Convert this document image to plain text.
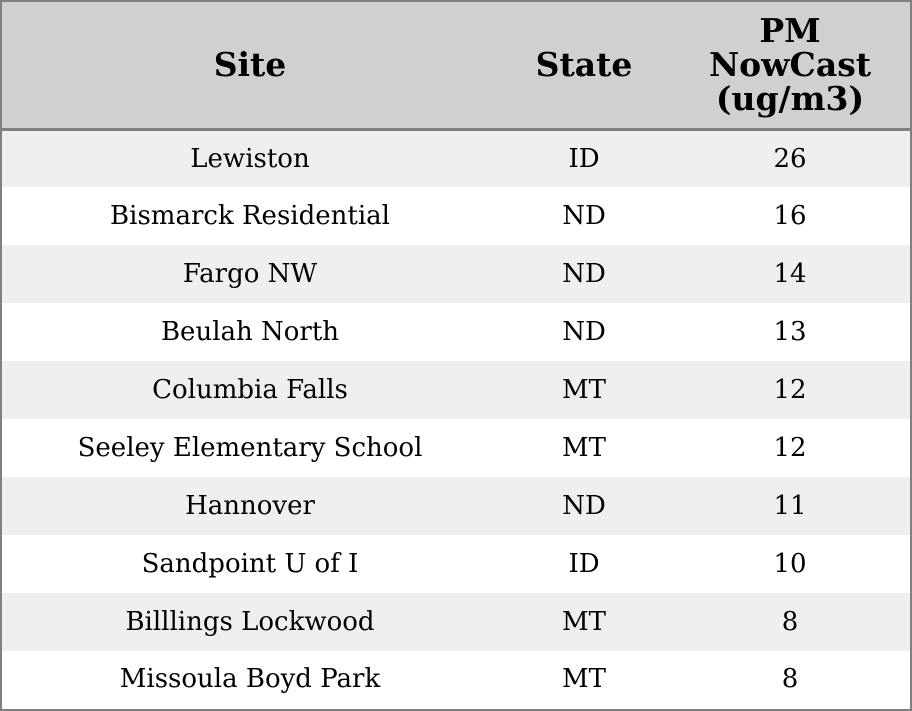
Site	State	PM
NowCast
(ug/m3)

Lewiston	ID	26
Bismarck Residential	ND	16
Fargo NW	ND	14
Beulah North	ND	13
Columbia Falls	MT	12
Seeley Elementary School	MT	12
Hannover	ND	11
Sandpoint U of I	ID	10
Billlings Lockwood	MT	8
Missoula Boyd Park	MT	8
